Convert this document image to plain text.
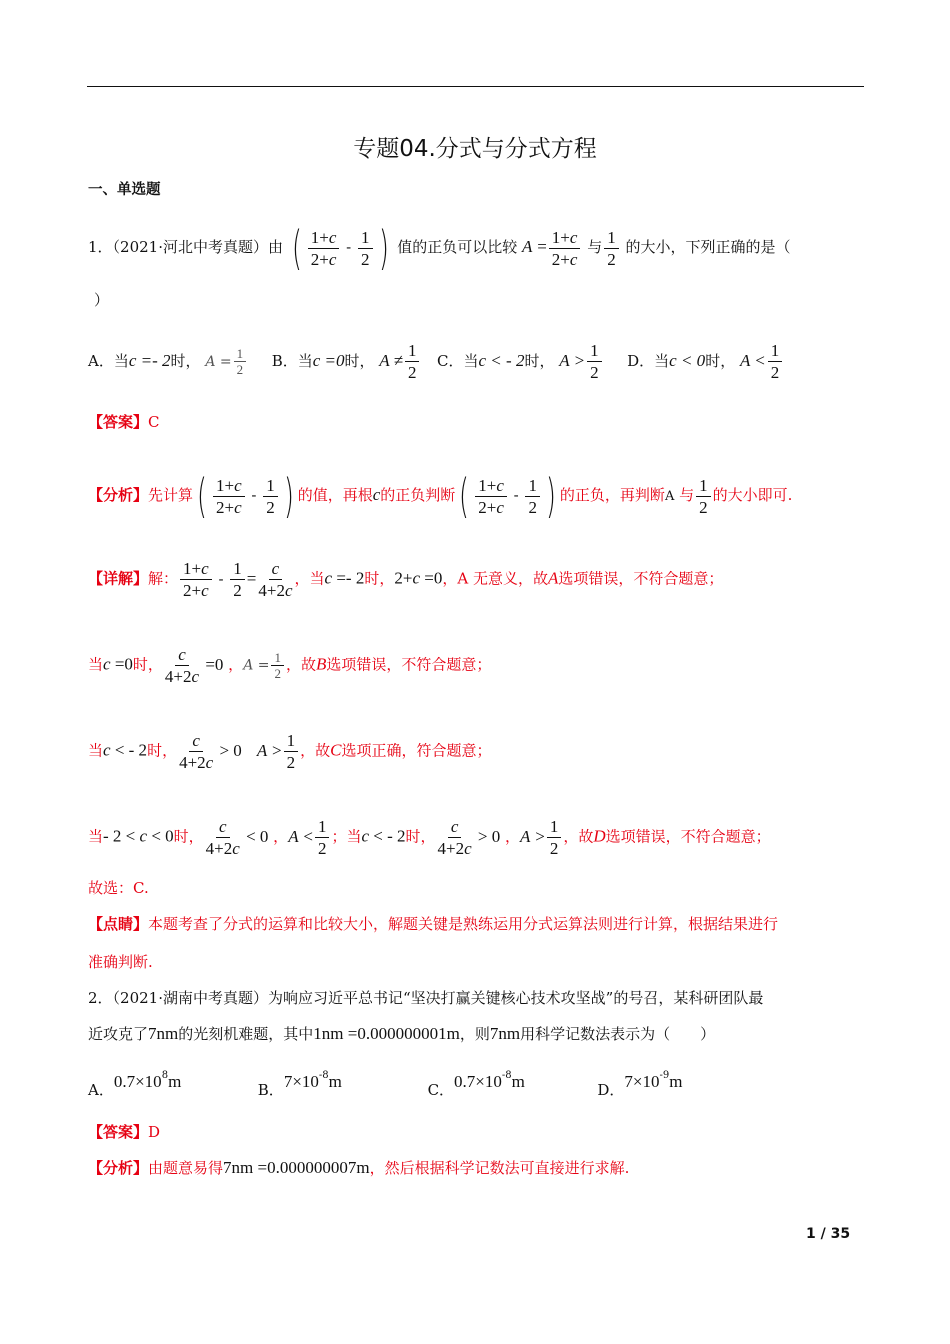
专题04.分式与分式方程
一、单选题
1．（2021·河北中考真题）由 ( $\frac{1+c}{2+c} - \frac{1}{2}$ ) 值的正负可以比较 $A = \frac{1+c}{2+c}$ 与 $\frac{1}{2}$ 的大小，下列正确的是（
）
A．当c =- 2时， $A = \frac{1}{2}$ B．当c =0时， $A \ne \frac{1}{2}$ C．当c < - 2时， $A > \frac{1}{2}$ D．当c < 0时， $A < \frac{1}{2}$
【答案】C
【分析】先计算( $\frac{1+c}{2+c} - \frac{1}{2}$ ) 的值，再根c的正负判断( $\frac{1+c}{2+c} - \frac{1}{2}$ ) 的正负，再判断A 与 $\frac{1}{2}$ 的大小即可.
【详解】解： $\frac{1+c}{2+c} - \frac{1}{2} = \frac{c}{4+2c}$ ，当c =- 2时，2+c =0，A 无意义，故A选项错误，不符合题意；
当c =0时， $\frac{c}{4+2c} =0$ ，$A = \frac{1}{2}$ ，故B选项错误，不符合题意；
当c < - 2时， $\frac{c}{4+2c} > 0$　 $A > \frac{1}{2}$ ，故C选项正确，符合题意；
当- 2 < c < 0时， $\frac{c}{4+2c} < 0$ ，$A < \frac{1}{2}$ ；当c < - 2时， $\frac{c}{4+2c} > 0$ ，$A > \frac{1}{2}$ ，故D选项错误，不符合题意；
故选：C.
【点睛】本题考查了分式的运算和比较大小，解题关键是熟练运用分式运算法则进行计算，根据结果进行
准确判断.
2．（2021·湖南中考真题）为响应习近平总书记“坚决打赢关键核心技术攻坚战”的号召，某科研团队最
近攻克了7nm的光刻机难题，其中1nm =0.000000001m，则7nm用科学记数法表示为（　　）
A．$0.7\times 10^8m$	B．$7\times 10^{-8}m$	C．$0.7\times 10^{-8}m$	D．$7\times 10^{-9}m$
【答案】D
【分析】由题意易得7nm =0.000000007m，然后根据科学记数法可直接进行求解.
1 / 35
